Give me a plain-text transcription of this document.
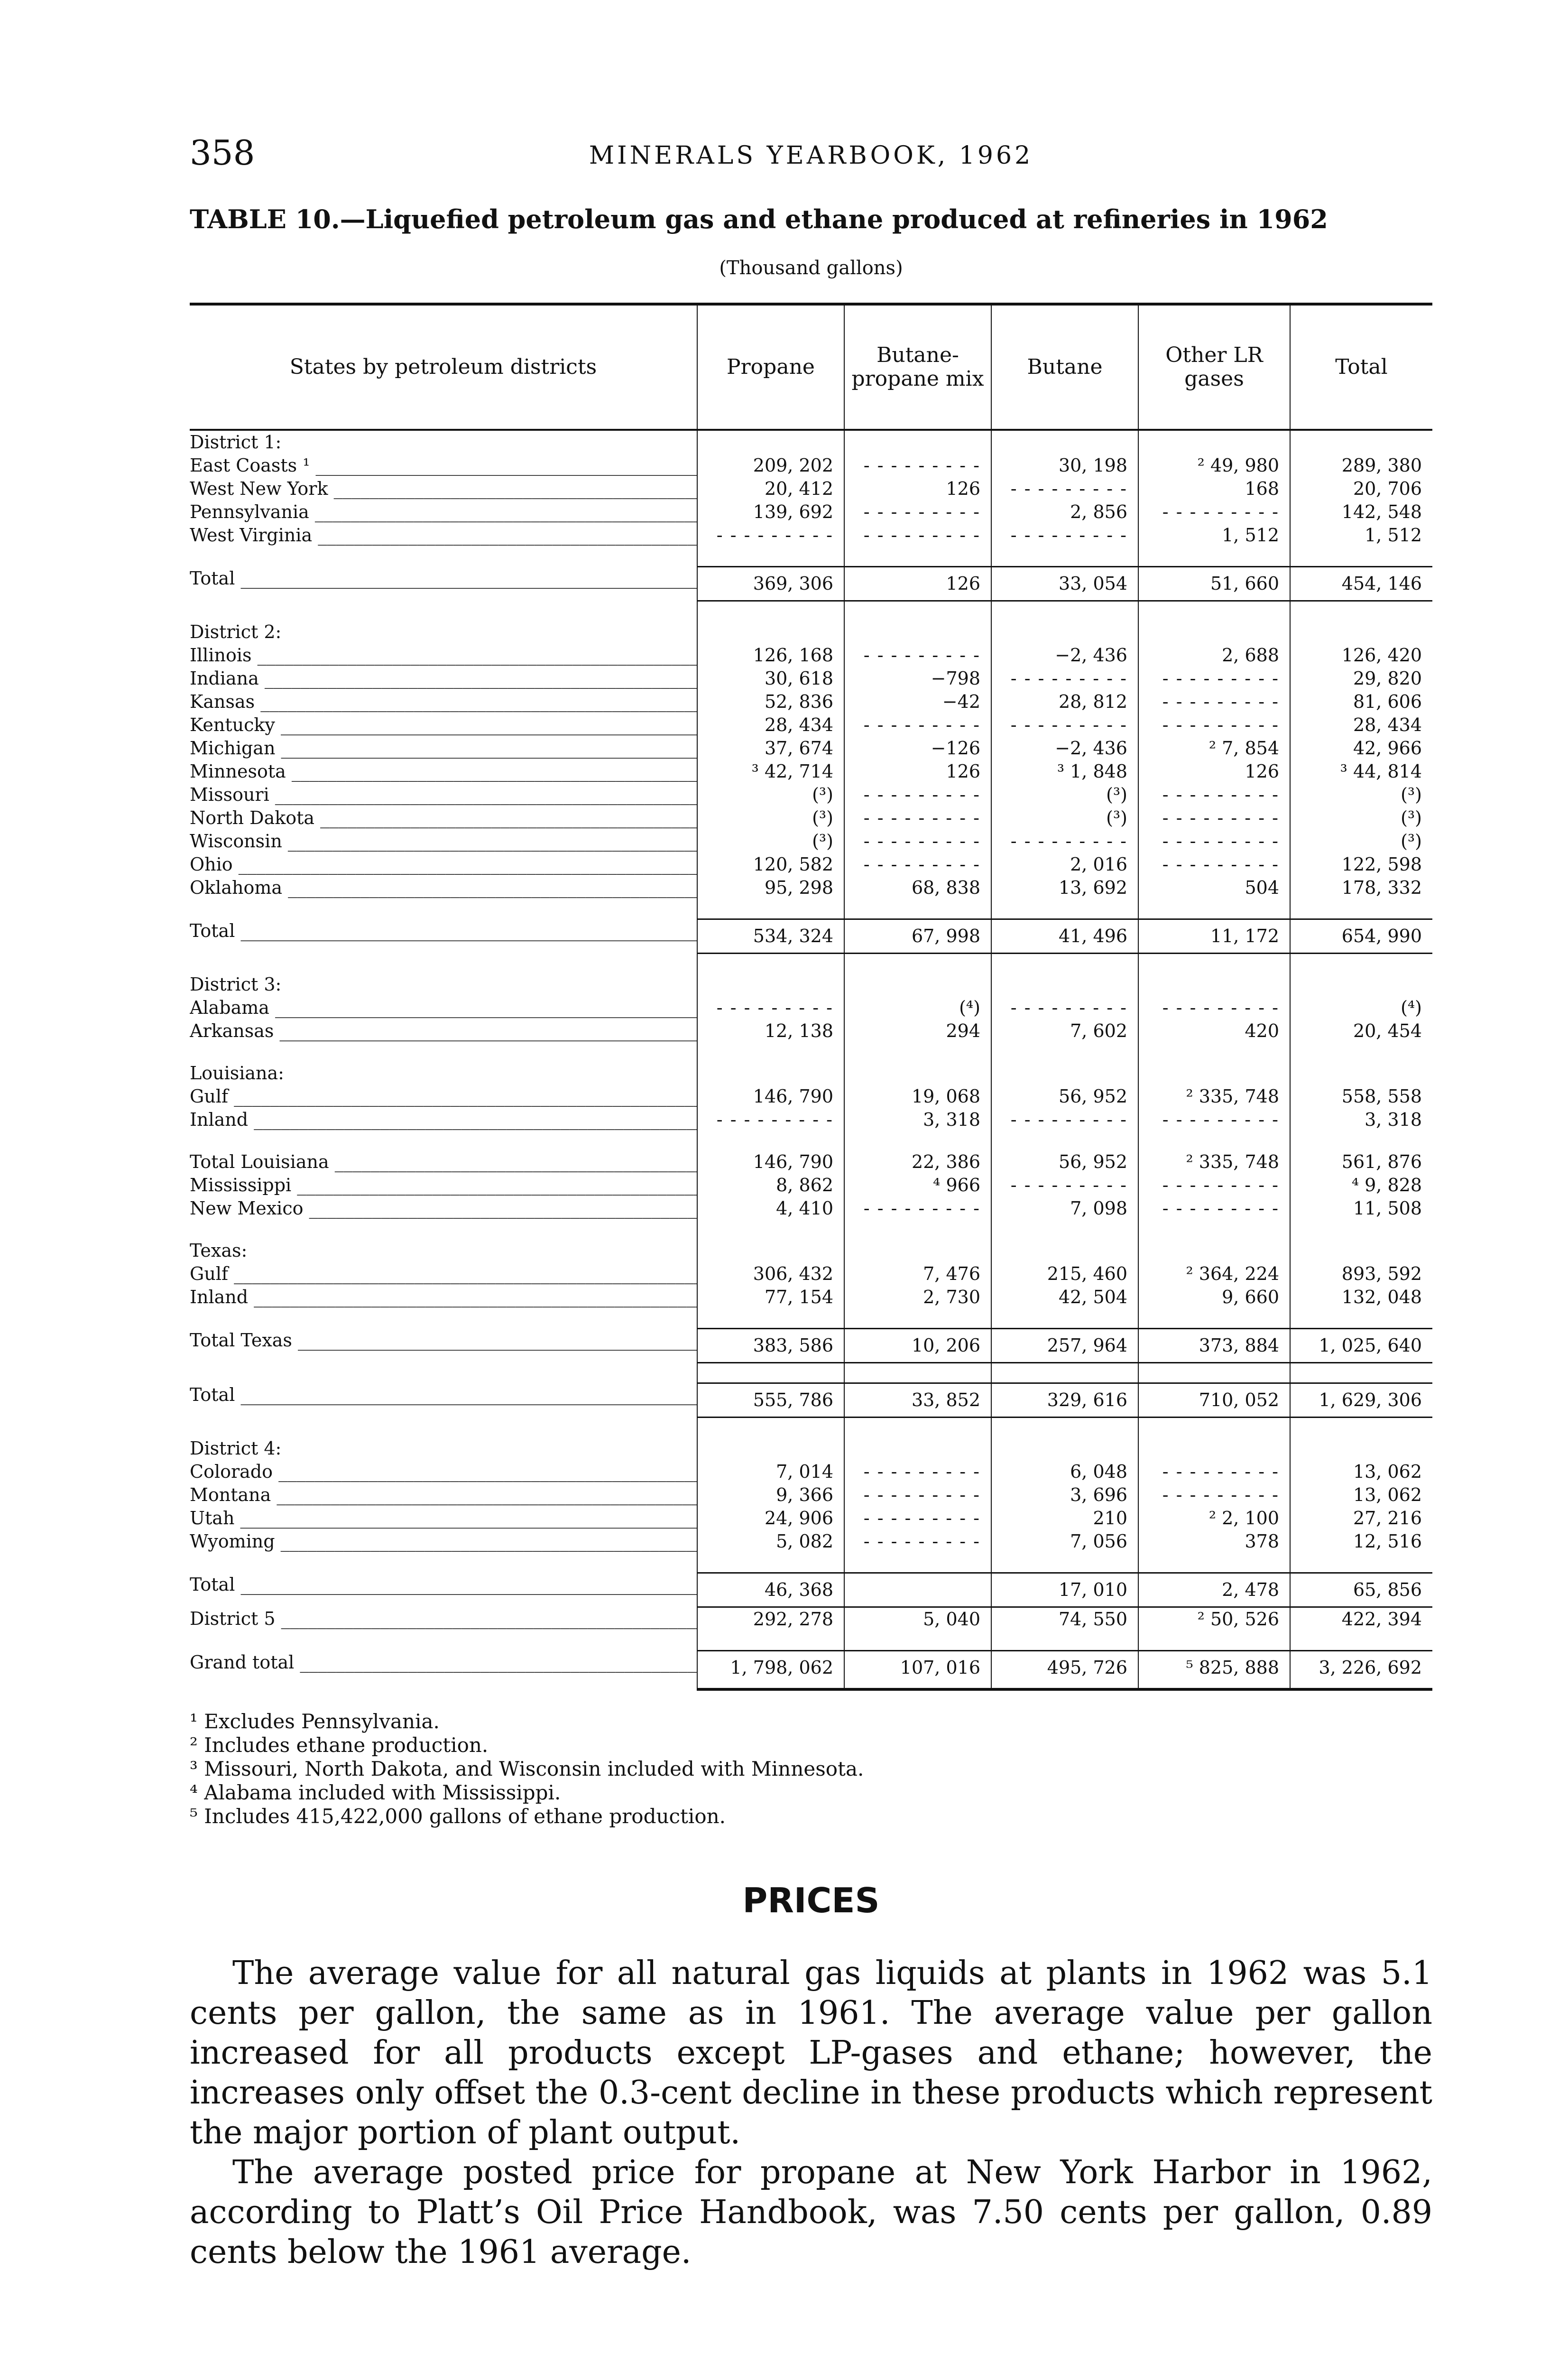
358	MINERALS YEARBOOK, 1962
TABLE 10.—Liquefied petroleum gas and ethane produced at refineries in 1962
(Thousand gallons)
States by petroleum districts	Propane	Butane-propane mix	Butane	Other LR gases	Total
District 1:					
East Coasts ¹ _____	209, 202	- - - - - - - - -	30, 198	² 49, 980	289, 380
West New York _____	20, 412	126	- - - - - - - - -	168	20, 706
Pennsylvania _____	139, 692	- - - - - - - - -	2, 856	- - - - - - - - -	142, 548
West Virginia _____	- - - - - - - - -	- - - - - - - - -	- - - - - - - - -	1, 512	1, 512

Total _____	369, 306	126	33, 054	51, 660	454, 146

District 2:					
Illinois _____	126, 168	- - - - - - - - -	−2, 436	2, 688	126, 420
Indiana _____	30, 618	−798	- - - - - - - - -	- - - - - - - - -	29, 820
Kansas _____	52, 836	−42	28, 812	- - - - - - - - -	81, 606
Kentucky _____	28, 434	- - - - - - - - -	- - - - - - - - -	- - - - - - - - -	28, 434
Michigan _____	37, 674	−126	−2, 436	² 7, 854	42, 966
Minnesota _____	³ 42, 714	126	³ 1, 848	126	³ 44, 814
Missouri _____	(³)	- - - - - - - - -	(³)	- - - - - - - - -	(³)
North Dakota _____	(³)	- - - - - - - - -	(³)	- - - - - - - - -	(³)
Wisconsin _____	(³)	- - - - - - - - -	- - - - - - - - -	- - - - - - - - -	(³)
Ohio _____	120, 582	- - - - - - - - -	2, 016	- - - - - - - - -	122, 598
Oklahoma _____	95, 298	68, 838	13, 692	504	178, 332

Total _____	534, 324	67, 998	41, 496	11, 172	654, 990

District 3:					
Alabama _____	- - - - - - - - -	(⁴)	- - - - - - - - -	- - - - - - - - -	(⁴)
Arkansas _____	12, 138	294	7, 602	420	20, 454

Louisiana:					
Gulf _____	146, 790	19, 068	56, 952	² 335, 748	558, 558
Inland _____	- - - - - - - - -	3, 318	- - - - - - - - -	- - - - - - - - -	3, 318

Total Louisiana _____	146, 790	22, 386	56, 952	² 335, 748	561, 876
Mississippi _____	8, 862	⁴ 966	- - - - - - - - -	- - - - - - - - -	⁴ 9, 828
New Mexico _____	4, 410	- - - - - - - - -	7, 098	- - - - - - - - -	11, 508

Texas:					
Gulf _____	306, 432	7, 476	215, 460	² 364, 224	893, 592
Inland _____	77, 154	2, 730	42, 504	9, 660	132, 048

Total Texas _____	383, 586	10, 206	257, 964	373, 884	1, 025, 640

Total _____	555, 786	33, 852	329, 616	710, 052	1, 629, 306

District 4:					
Colorado _____	7, 014	- - - - - - - - -	6, 048	- - - - - - - - -	13, 062
Montana _____	9, 366	- - - - - - - - -	3, 696	- - - - - - - - -	13, 062
Utah _____	24, 906	- - - - - - - - -	210	² 2, 100	27, 216
Wyoming _____	5, 082	- - - - - - - - -	7, 056	378	12, 516

Total _____	46, 368		17, 010	2, 478	65, 856
District 5 _____	292, 278	5, 040	74, 550	² 50, 526	422, 394

Grand total _____	1, 798, 062	107, 016	495, 726	⁵ 825, 888	3, 226, 692

¹ Excludes Pennsylvania.

² Includes ethane production.

³ Missouri, North Dakota, and Wisconsin included with Minnesota.

⁴ Alabama included with Mississippi.

⁵ Includes 415,422,000 gallons of ethane production.

PRICES

The average value for all natural gas liquids at plants in 1962 was 5.1 cents per gallon, the same as in 1961. The average value per gallon increased for all products except LP-gases and ethane; however, the increases only offset the 0.3-cent decline in these products which represent the major portion of plant output.

The average posted price for propane at New York Harbor in 1962, according to Platt’s Oil Price Handbook, was 7.50 cents per gallon, 0.89 cents below the 1961 average.
